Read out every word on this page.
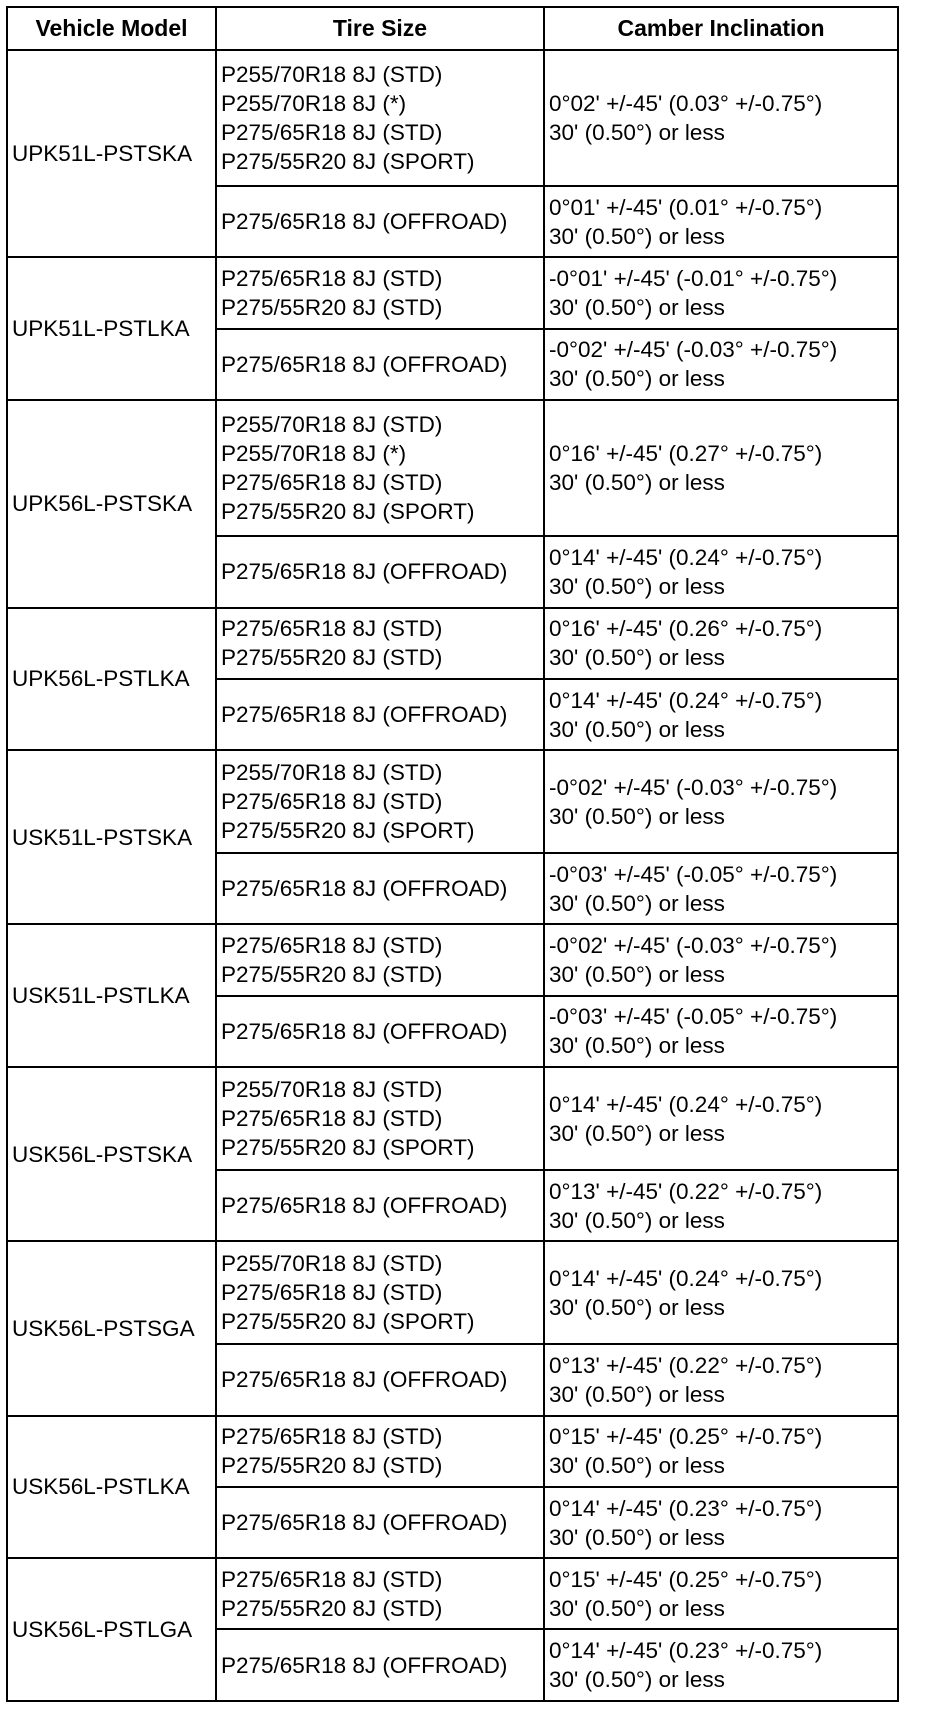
Vehicle Model	Tire Size	Camber Inclination
UPK51L-PSTSKA	P255/70R18 8J (STD)
P255/70R18 8J (*)
P275/65R18 8J (STD)
P275/55R20 8J (SPORT)	0°02' +/-45' (0.03° +/-0.75°)
30' (0.50°) or less

	P275/65R18 8J (OFFROAD)	0°01' +/-45' (0.01° +/-0.75°)
30' (0.50°) or less

UPK51L-PSTLKA	P275/65R18 8J (STD)
P275/55R20 8J (STD)	-0°01' +/-45' (-0.01° +/-0.75°)
30' (0.50°) or less

	P275/65R18 8J (OFFROAD)	-0°02' +/-45' (-0.03° +/-0.75°)
30' (0.50°) or less

UPK56L-PSTSKA	P255/70R18 8J (STD)
P255/70R18 8J (*)
P275/65R18 8J (STD)
P275/55R20 8J (SPORT)	0°16' +/-45' (0.27° +/-0.75°)
30' (0.50°) or less

	P275/65R18 8J (OFFROAD)	0°14' +/-45' (0.24° +/-0.75°)
30' (0.50°) or less

UPK56L-PSTLKA	P275/65R18 8J (STD)
P275/55R20 8J (STD)	0°16' +/-45' (0.26° +/-0.75°)
30' (0.50°) or less

	P275/65R18 8J (OFFROAD)	0°14' +/-45' (0.24° +/-0.75°)
30' (0.50°) or less

USK51L-PSTSKA	P255/70R18 8J (STD)
P275/65R18 8J (STD)
P275/55R20 8J (SPORT)	-0°02' +/-45' (-0.03° +/-0.75°)
30' (0.50°) or less

	P275/65R18 8J (OFFROAD)	-0°03' +/-45' (-0.05° +/-0.75°)
30' (0.50°) or less

USK51L-PSTLKA	P275/65R18 8J (STD)
P275/55R20 8J (STD)	-0°02' +/-45' (-0.03° +/-0.75°)
30' (0.50°) or less

	P275/65R18 8J (OFFROAD)	-0°03' +/-45' (-0.05° +/-0.75°)
30' (0.50°) or less

USK56L-PSTSKA	P255/70R18 8J (STD)
P275/65R18 8J (STD)
P275/55R20 8J (SPORT)	0°14' +/-45' (0.24° +/-0.75°)
30' (0.50°) or less

	P275/65R18 8J (OFFROAD)	0°13' +/-45' (0.22° +/-0.75°)
30' (0.50°) or less

USK56L-PSTSGA	P255/70R18 8J (STD)
P275/65R18 8J (STD)
P275/55R20 8J (SPORT)	0°14' +/-45' (0.24° +/-0.75°)
30' (0.50°) or less

	P275/65R18 8J (OFFROAD)	0°13' +/-45' (0.22° +/-0.75°)
30' (0.50°) or less

USK56L-PSTLKA	P275/65R18 8J (STD)
P275/55R20 8J (STD)	0°15' +/-45' (0.25° +/-0.75°)
30' (0.50°) or less

	P275/65R18 8J (OFFROAD)	0°14' +/-45' (0.23° +/-0.75°)
30' (0.50°) or less

USK56L-PSTLGA	P275/65R18 8J (STD)
P275/55R20 8J (STD)	0°15' +/-45' (0.25° +/-0.75°)
30' (0.50°) or less

	P275/65R18 8J (OFFROAD)	0°14' +/-45' (0.23° +/-0.75°)
30' (0.50°) or less
